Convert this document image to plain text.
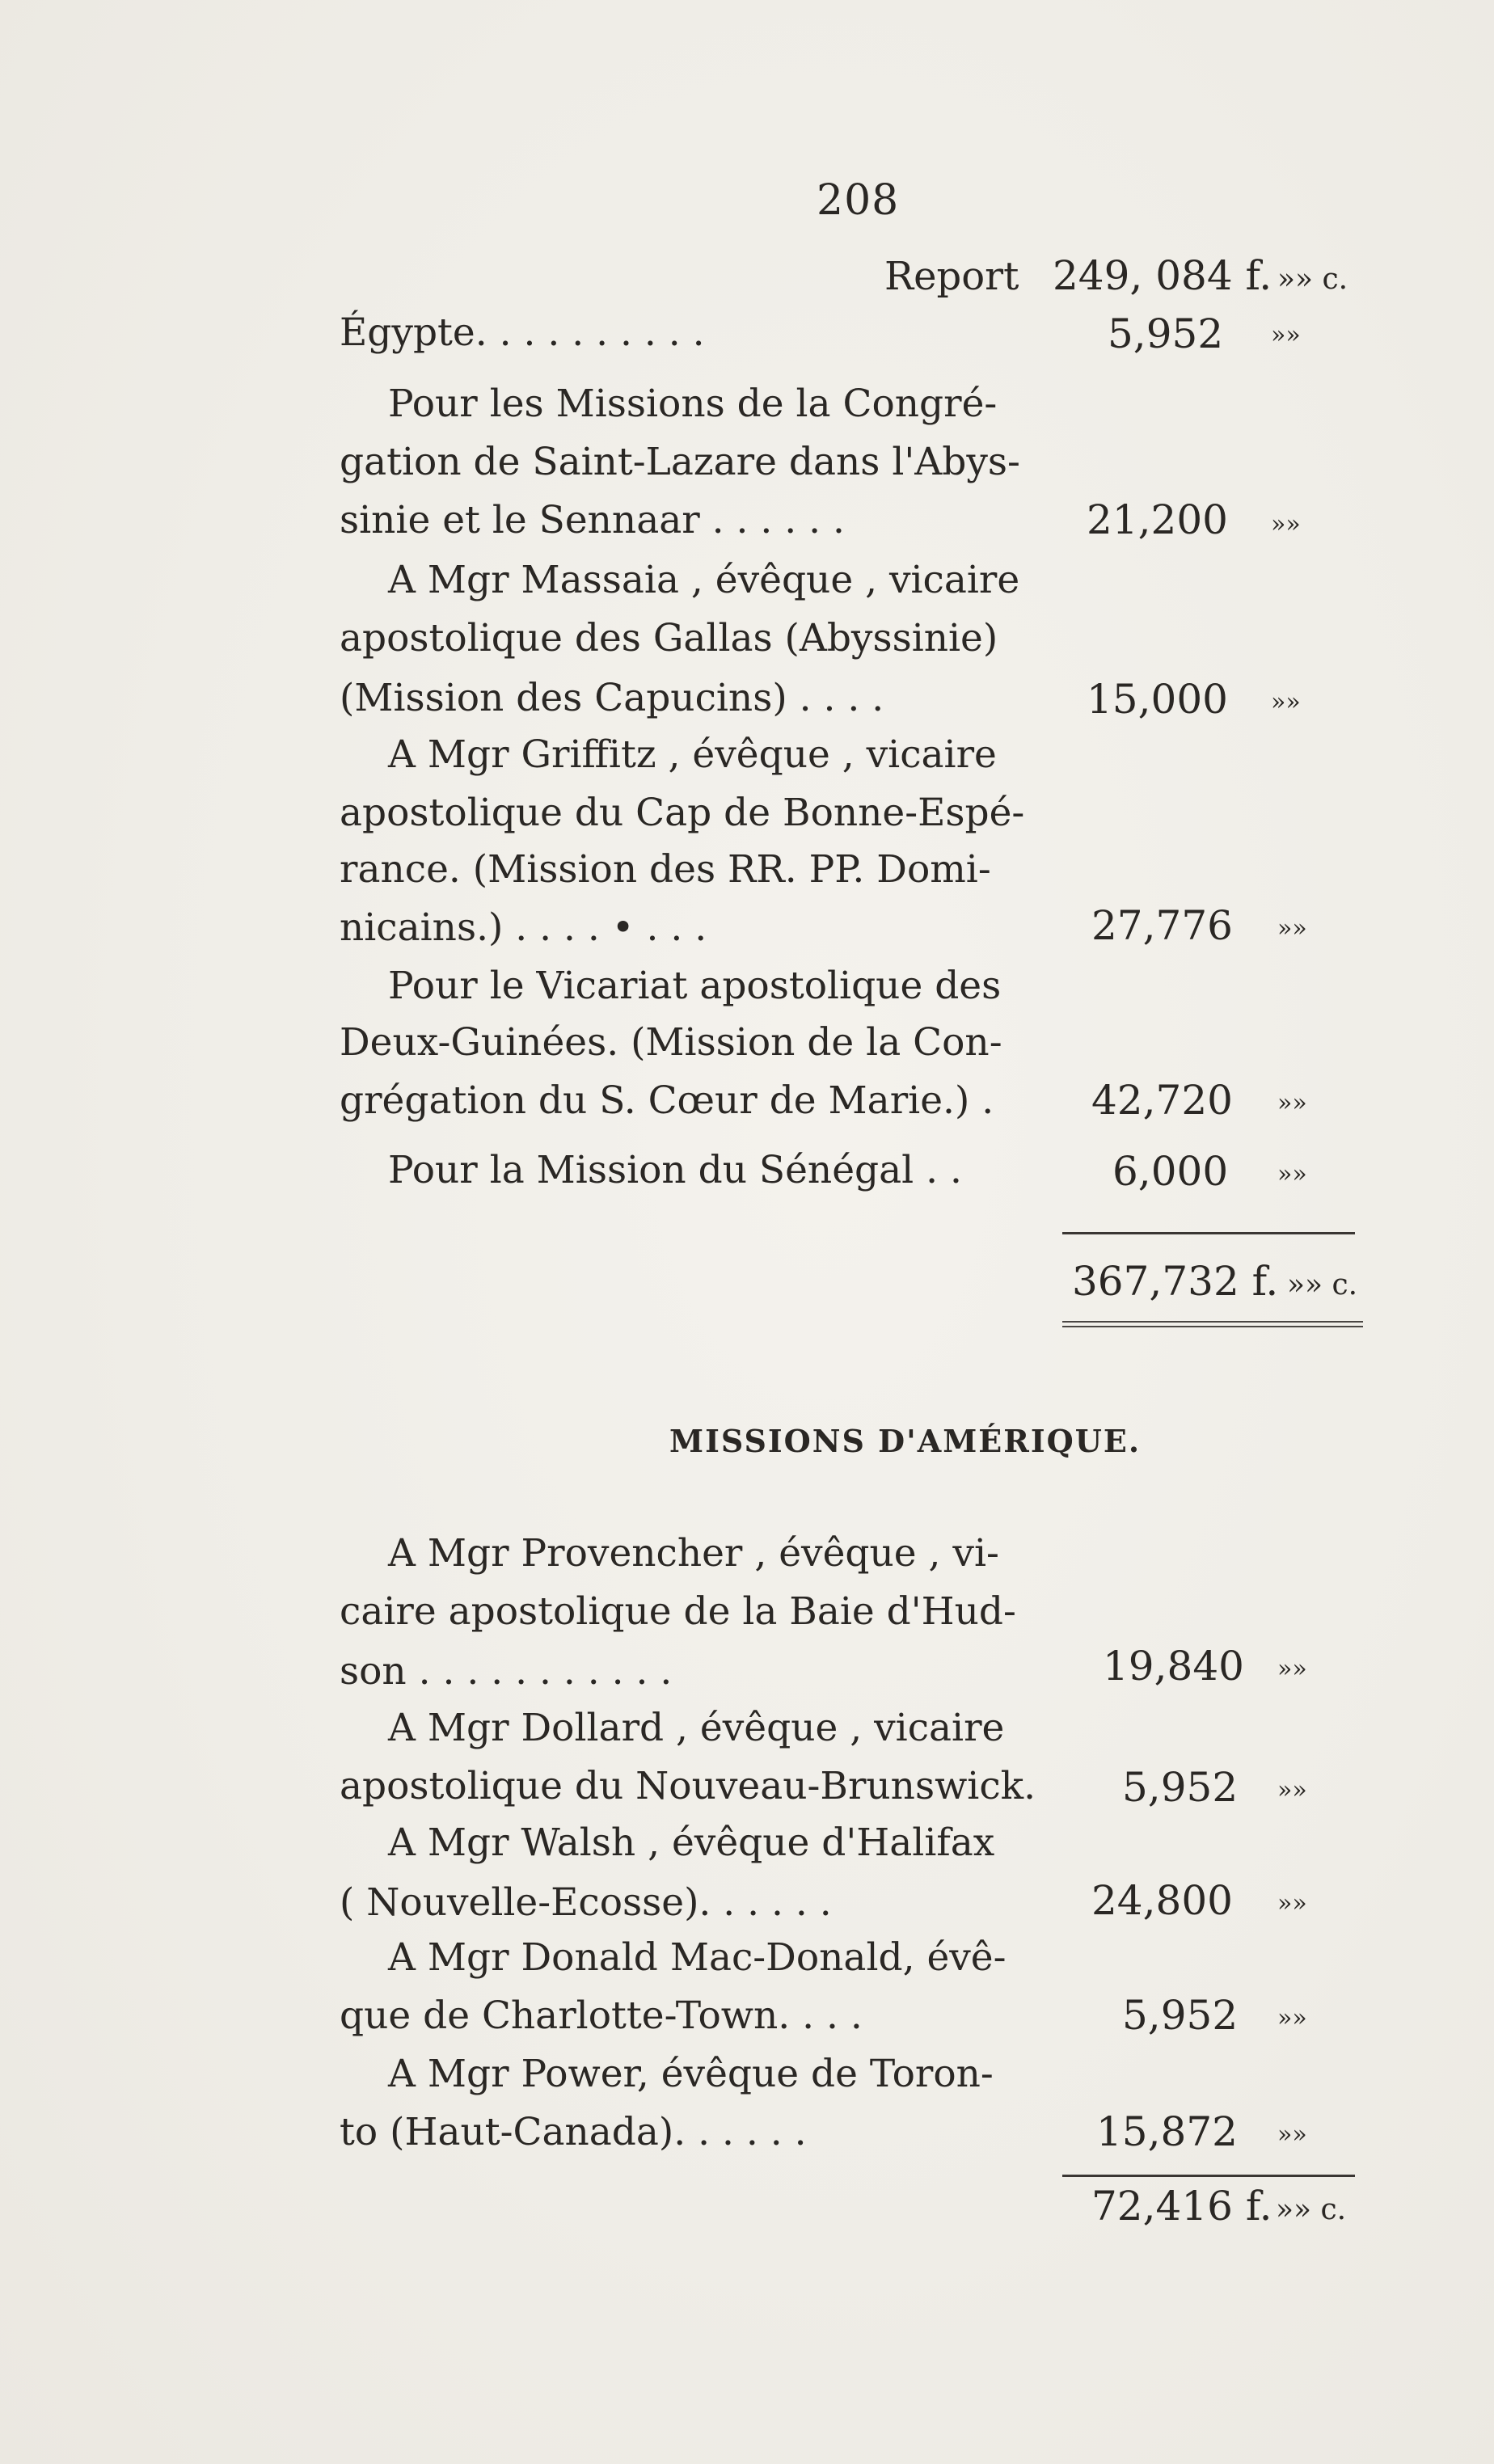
208
Report 249, 084 f. »» c.
Égypte. . . . . . . . . .	5,952 »»
Pour les Missions de la Congré-
gation de Saint-Lazare dans l'Abys-
sinie et le Sennaar . . . . . .	21,200 »»
A Mgr Massaia , évêque , vicaire
apostolique des Gallas (Abyssinie)
(Mission des Capucins) . . . .	15,000 »»
A Mgr Griffitz , évêque , vicaire
apostolique du Cap de Bonne-Espé-
rance. (Mission des RR. PP. Domi-
nicains.) . . . . • . . .	27,776 »»
Pour le Vicariat apostolique des
Deux-Guinées. (Mission de la Con-
grégation du S. Cœur de Marie.) . 42,720 »»
Pour la Mission du Sénégal . .	6,000 »»
367,732 f. »» c.
MISSIONS D'AMÉRIQUE.
A Mgr Provencher , évêque , vi-
caire apostolique de la Baie d'Hud-
son . . . . . . . . . . .	19,840 »»
A Mgr Dollard , évêque , vicaire
apostolique du Nouveau-Brunswick. 5,952 »»
A Mgr Walsh , évêque d'Halifax
( Nouvelle-Ecosse). . . . . .	24,800 »»
A Mgr Donald Mac-Donald, évê-
que de Charlotte-Town. . . .	5,952 »»
A Mgr Power, évêque de Toron-
to (Haut-Canada). . . . . .	15,872 »»
72,416 f. »» c.
